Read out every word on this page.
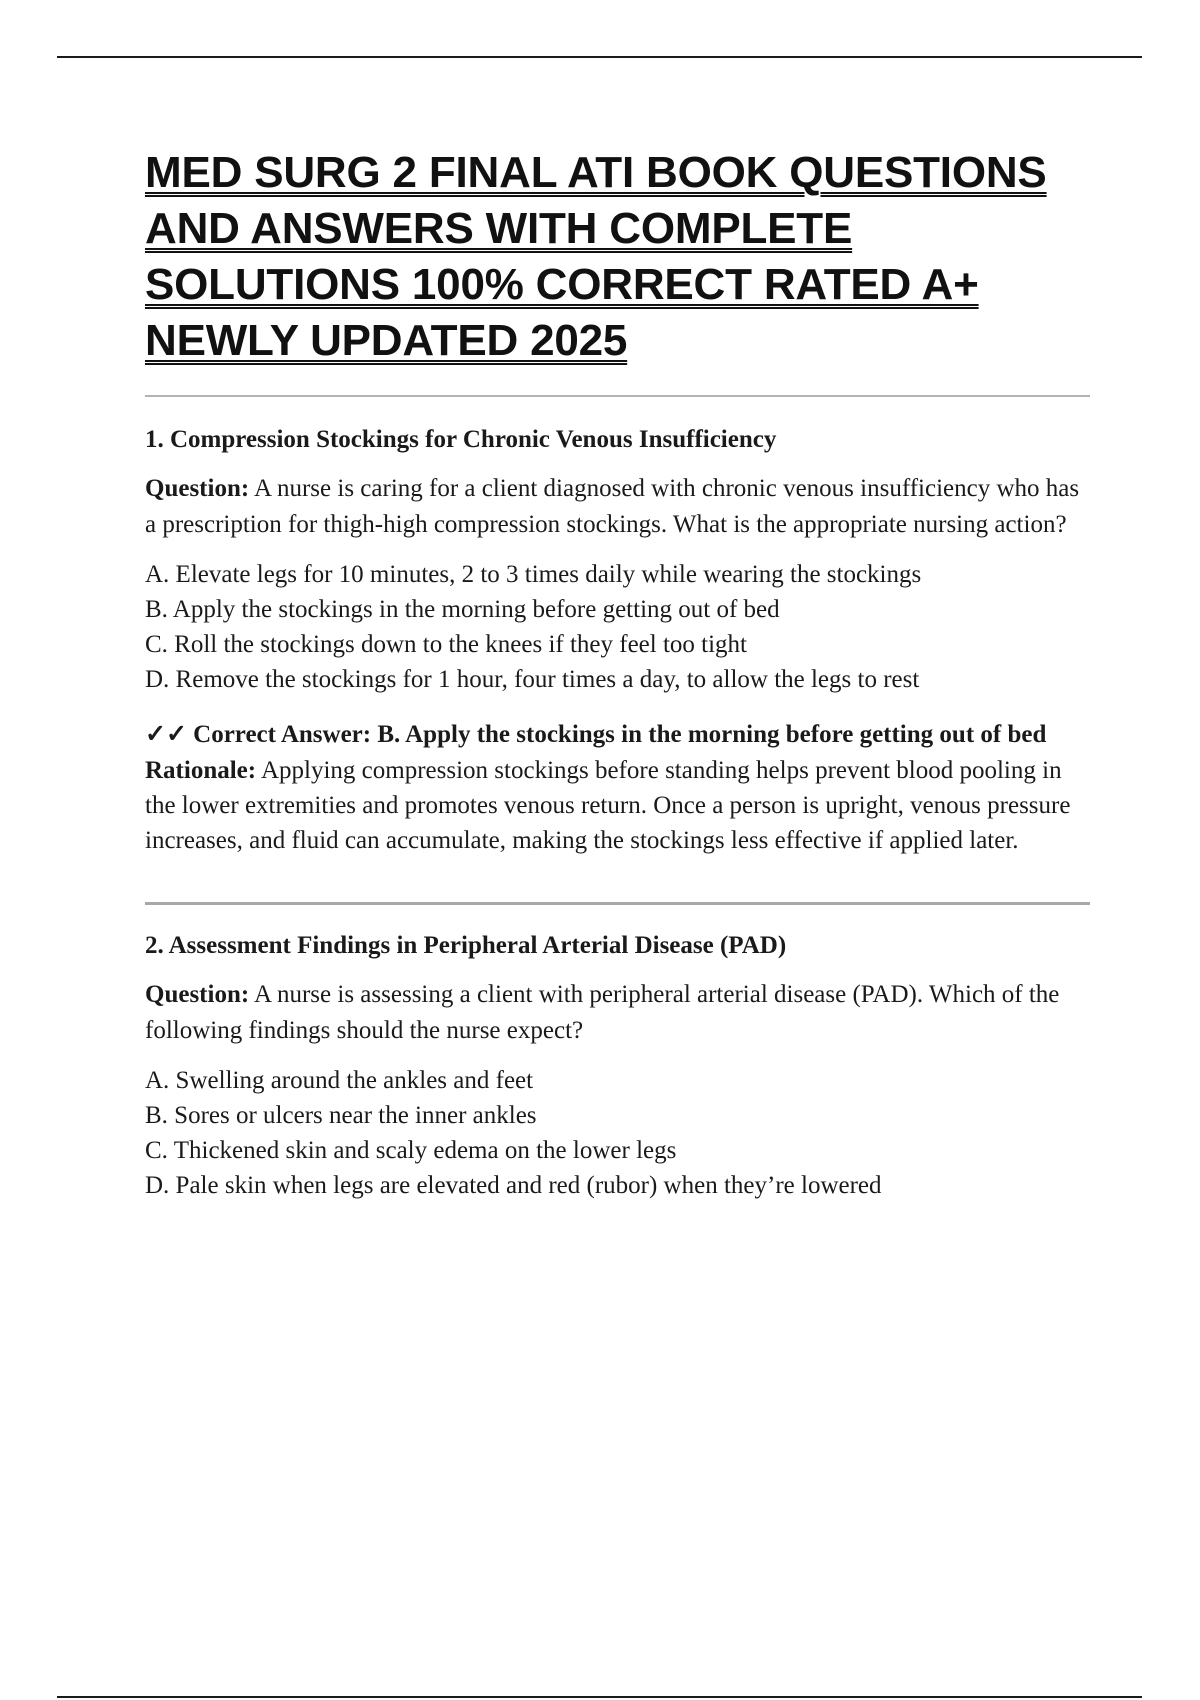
MED SURG 2 FINAL ATI BOOK QUESTIONS AND ANSWERS WITH COMPLETE SOLUTIONS 100% CORRECT RATED A+ NEWLY UPDATED 2025
1. Compression Stockings for Chronic Venous Insufficiency

Question: A nurse is caring for a client diagnosed with chronic venous insufficiency who has a prescription for thigh-high compression stockings. What is the appropriate nursing action?

A. Elevate legs for 10 minutes, 2 to 3 times daily while wearing the stockings
B. Apply the stockings in the morning before getting out of bed
C. Roll the stockings down to the knees if they feel too tight
D. Remove the stockings for 1 hour, four times a day, to allow the legs to rest

✓✓ Correct Answer: B. Apply the stockings in the morning before getting out of bed

Rationale: Applying compression stockings before standing helps prevent blood pooling in the lower extremities and promotes venous return. Once a person is upright, venous pressure increases, and fluid can accumulate, making the stockings less effective if applied later.

2. Assessment Findings in Peripheral Arterial Disease (PAD)

Question: A nurse is assessing a client with peripheral arterial disease (PAD). Which of the following findings should the nurse expect?

A. Swelling around the ankles and feet
B. Sores or ulcers near the inner ankles
C. Thickened skin and scaly edema on the lower legs
D. Pale skin when legs are elevated and red (rubor) when they’re lowered
